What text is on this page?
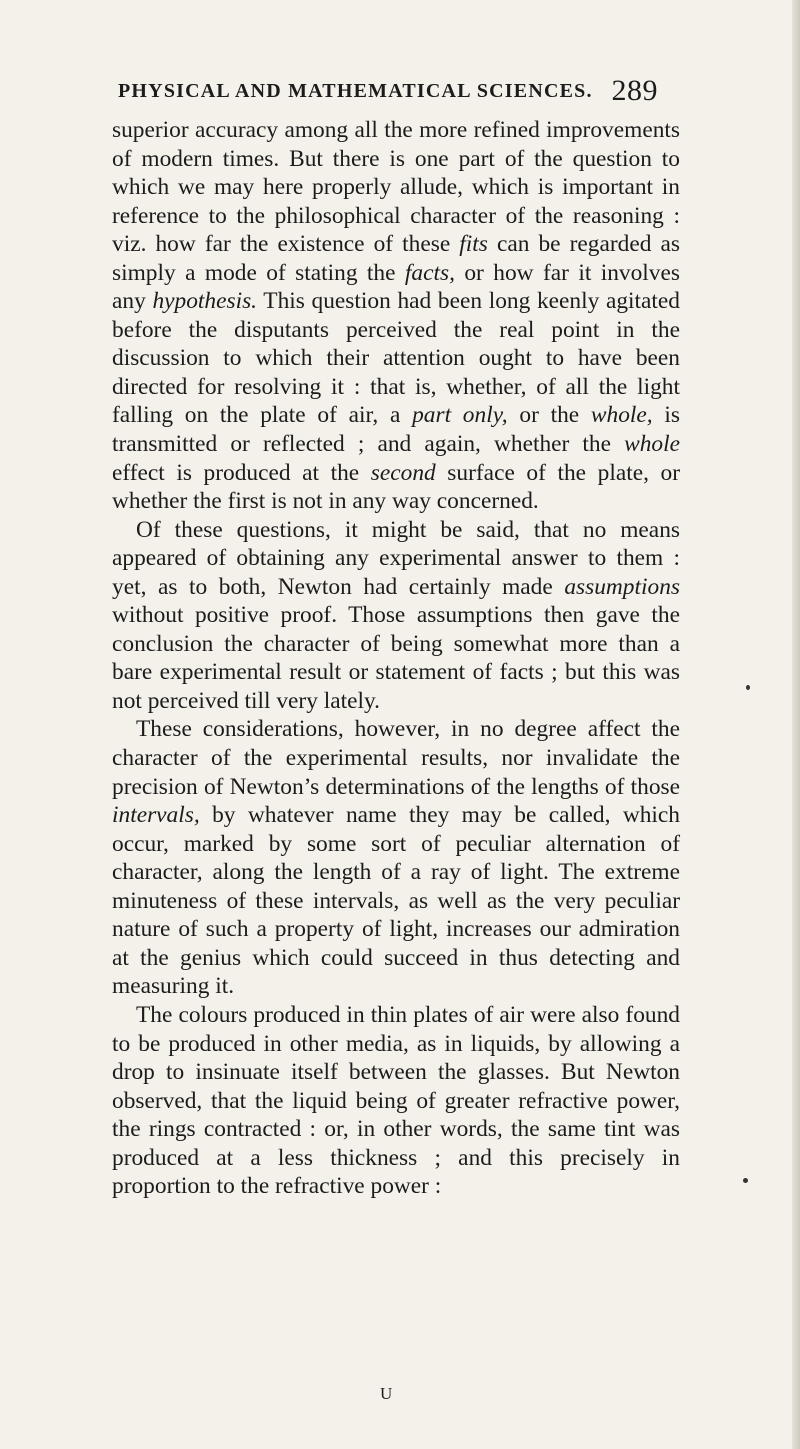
PHYSICAL AND MATHEMATICAL SCIENCES. 289

superior accuracy among all the more refined improvements of modern times. But there is one part of the question to which we may here properly allude, which is important in reference to the philosophical character of the reasoning : viz. how far the existence of these fits can be regarded as simply a mode of stating the facts, or how far it involves any hypothesis. This question had been long keenly agitated before the disputants perceived the real point in the discussion to which their attention ought to have been directed for resolving it : that is, whether, of all the light falling on the plate of air, a part only, or the whole, is transmitted or reflected ; and again, whether the whole effect is produced at the second surface of the plate, or whether the first is not in any way concerned.

Of these questions, it might be said, that no means appeared of obtaining any experimental answer to them : yet, as to both, Newton had certainly made assumptions without positive proof. Those assumptions then gave the conclusion the character of being somewhat more than a bare experimental result or statement of facts ; but this was not perceived till very lately.

These considerations, however, in no degree affect the character of the experimental results, nor invalidate the precision of Newton’s determinations of the lengths of those intervals, by whatever name they may be called, which occur, marked by some sort of peculiar alternation of character, along the length of a ray of light. The extreme minuteness of these intervals, as well as the very peculiar nature of such a property of light, increases our admiration at the genius which could succeed in thus detecting and measuring it.

The colours produced in thin plates of air were also found to be produced in other media, as in liquids, by allowing a drop to insinuate itself between the glasses. But Newton observed, that the liquid being of greater refractive power, the rings contracted : or, in other words, the same tint was produced at a less thickness ; and this precisely in proportion to the refractive power :

U
